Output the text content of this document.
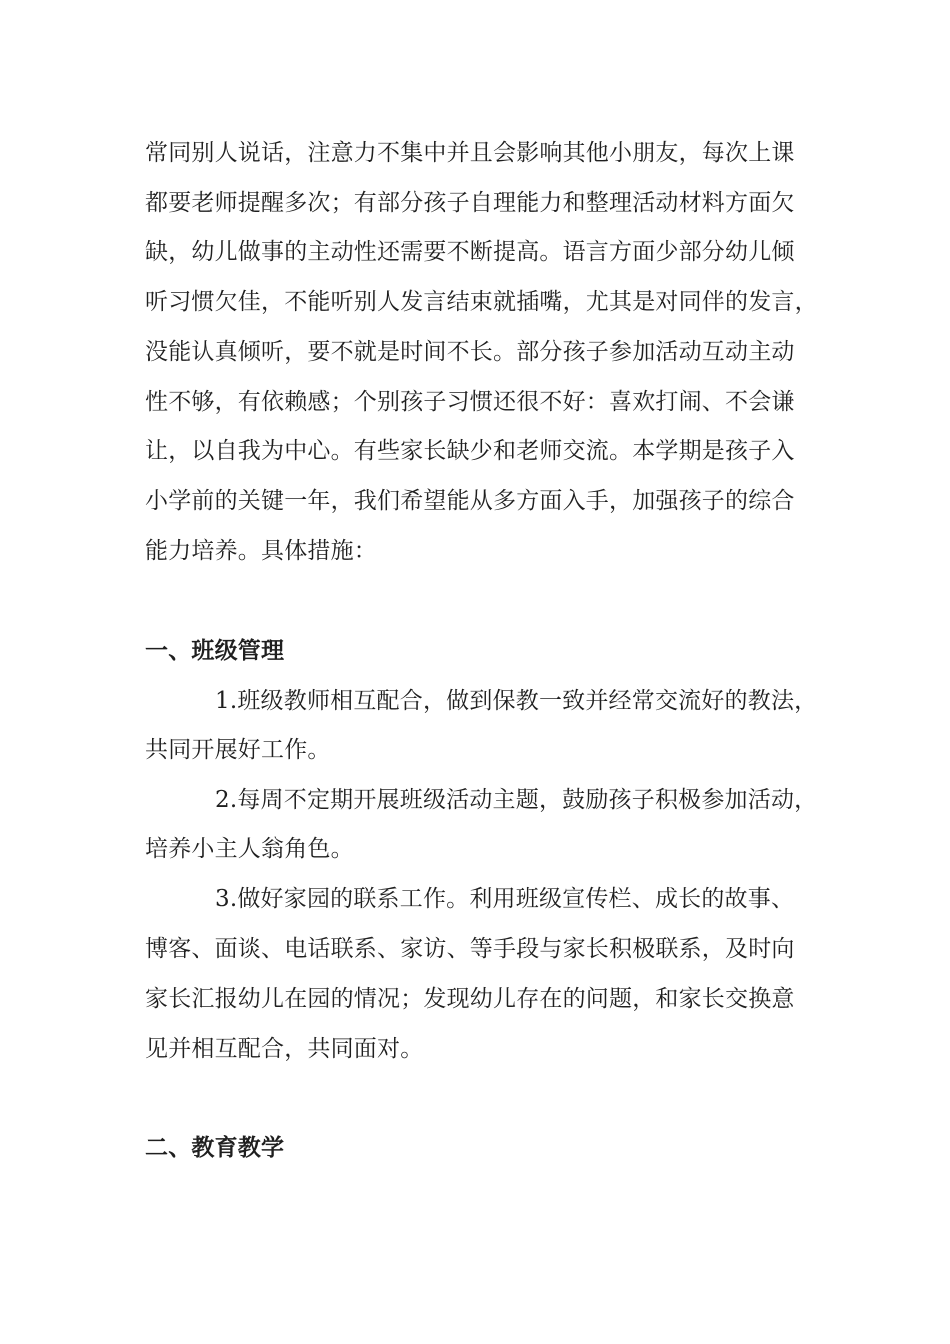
常同别人说话，注意力不集中并且会影响其他小朋友，每次上课
都要老师提醒多次；有部分孩子自理能力和整理活动材料方面欠
缺，幼儿做事的主动性还需要不断提高。语言方面少部分幼儿倾
听习惯欠佳，不能听别人发言结束就插嘴，尤其是对同伴的发言，
没能认真倾听，要不就是时间不长。部分孩子参加活动互动主动
性不够，有依赖感；个别孩子习惯还很不好：喜欢打闹、不会谦
让，以自我为中心。有些家长缺少和老师交流。本学期是孩子入
小学前的关键一年，我们希望能从多方面入手，加强孩子的综合
能力培养。具体措施：
一、班级管理
1.班级教师相互配合，做到保教一致并经常交流好的教法，
共同开展好工作。
2.每周不定期开展班级活动主题，鼓励孩子积极参加活动，
培养小主人翁角色。
3.做好家园的联系工作。利用班级宣传栏、成长的故事、
博客、面谈、电话联系、家访、等手段与家长积极联系，及时向
家长汇报幼儿在园的情况；发现幼儿存在的问题，和家长交换意
见并相互配合，共同面对。
二、教育教学
